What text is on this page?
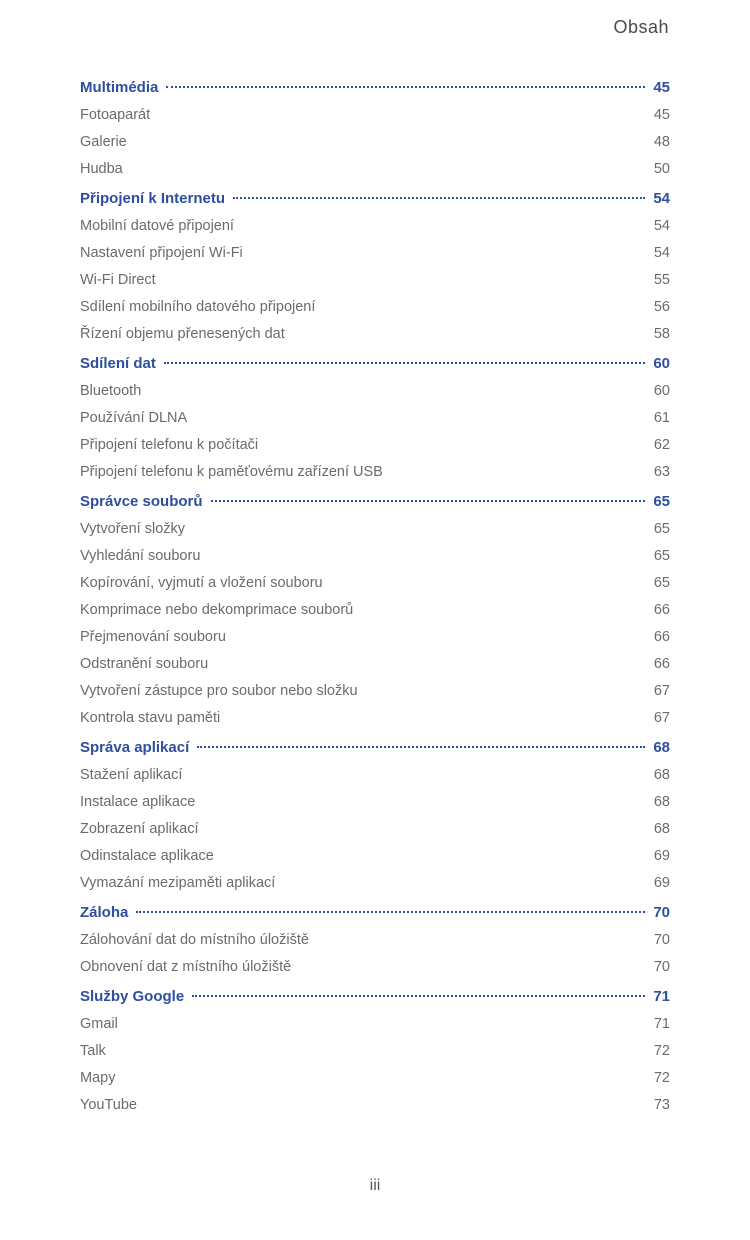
Obsah
Multimédia	45
Fotoaparát	45
Galerie	48
Hudba	50
Připojení k Internetu	54
Mobilní datové připojení	54
Nastavení připojení Wi-Fi	54
Wi-Fi Direct	55
Sdílení mobilního datového připojení	56
Řízení objemu přenesených dat	58
Sdílení dat	60
Bluetooth	60
Používání DLNA	61
Připojení telefonu k počítači	62
Připojení telefonu k paměťovému zařízení USB	63
Správce souborů	65
Vytvoření složky	65
Vyhledání souboru	65
Kopírování, vyjmutí a vložení souboru	65
Komprimace nebo dekomprimace souborů	66
Přejmenování souboru	66
Odstranění souboru	66
Vytvoření zástupce pro soubor nebo složku	67
Kontrola stavu paměti	67
Správa aplikací	68
Stažení aplikací	68
Instalace aplikace	68
Zobrazení aplikací	68
Odinstalace aplikace	69
Vymazání mezipaměti aplikací	69
Záloha	70
Zálohování dat do místního úložiště	70
Obnovení dat z místního úložiště	70
Služby Google	71
Gmail	71
Talk	72
Mapy	72
YouTube	73
iii
